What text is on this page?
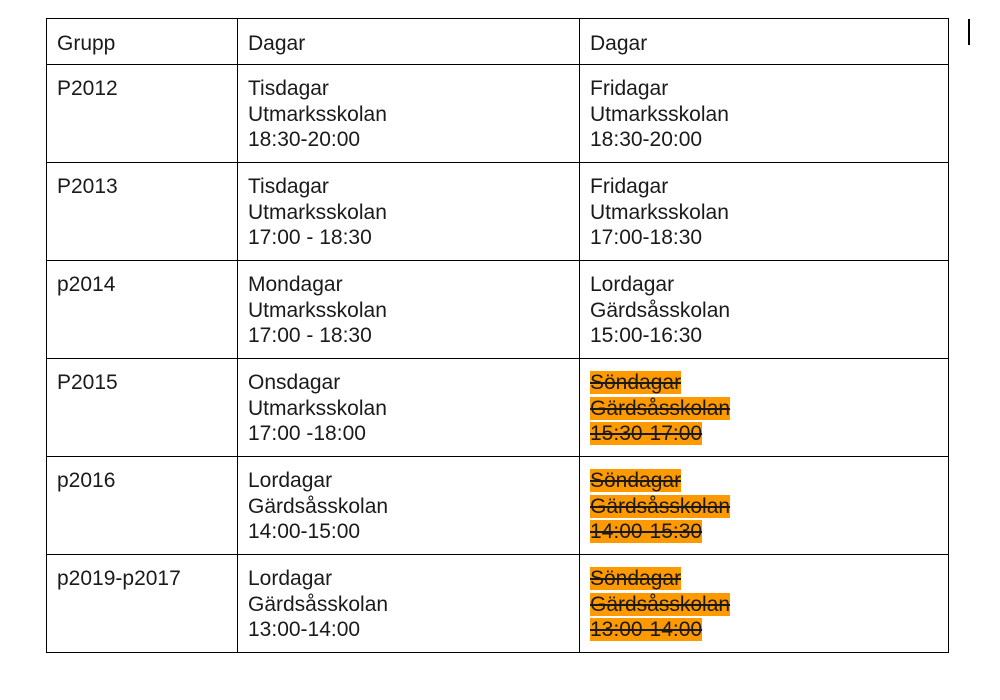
Grupp	Dagar	Dagar

P2012	Tisdagar
Utmarksskolan
18:30-20:00	Fridagar
Utmarksskolan
18:30-20:00

P2013	Tisdagar
Utmarksskolan
17:00 - 18:30	Fridagar
Utmarksskolan
17:00-18:30

p2014	Mondagar
Utmarksskolan
17:00 - 18:30	Lordagar
Gärdsåsskolan
15:00-16:30

P2015	Onsdagar
Utmarksskolan
17:00 -18:00	Söndagar
Gärdsåsskolan
15:30-17:00

p2016	Lordagar
Gärdsåsskolan
14:00-15:00	Söndagar
Gärdsåsskolan
14:00-15:30

p2019-p2017	Lordagar
Gärdsåsskolan
13:00-14:00	Söndagar
Gärdsåsskolan
13:00-14:00
